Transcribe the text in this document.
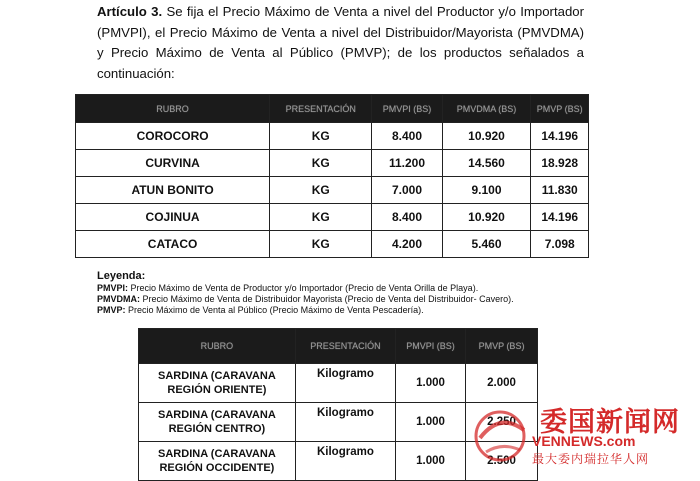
Artículo 3. Se fija el Precio Máximo de Venta a nivel del Productor y/o Importador (PMVPI), el Precio Máximo de Venta a nivel del Distribuidor/Mayorista (PMVDMA) y Precio Máximo de Venta al Público (PMVP); de los productos señalados a continuación:
RUBRO	PRESENTACIÓN	PMVPI (BS)	PMVDMA (BS)	PMVP (BS)
COROCORO	KG	8.400	10.920	14.196
CURVINA	KG	11.200	14.560	18.928
ATUN BONITO	KG	7.000	9.100	11.830
COJINUA	KG	8.400	10.920	14.196
CATACO	KG	4.200	5.460	7.098
Leyenda:
PMVPI: Precio Máximo de Venta de Productor y/o Importador (Precio de Venta Orilla de Playa).
PMVDMA: Precio Máximo de Venta de Distribuidor Mayorista (Precio de Venta del Distribuidor- Cavero).
PMVP: Precio Máximo de Venta al Público (Precio Máximo de Venta Pescadería).
RUBRO	PRESENTACIÓN	PMVPI (BS)	PMVP (BS)
SARDINA (CARAVANA REGIÓN ORIENTE)	Kilogramo	1.000	2.000
SARDINA (CARAVANA REGIÓN CENTRO)	Kilogramo	1.000	2.250
SARDINA (CARAVANA REGIÓN OCCIDENTE)	Kilogramo	1.000	2.500
委国新闻网
VENNEWS.com
最大委内瑞拉华人网
